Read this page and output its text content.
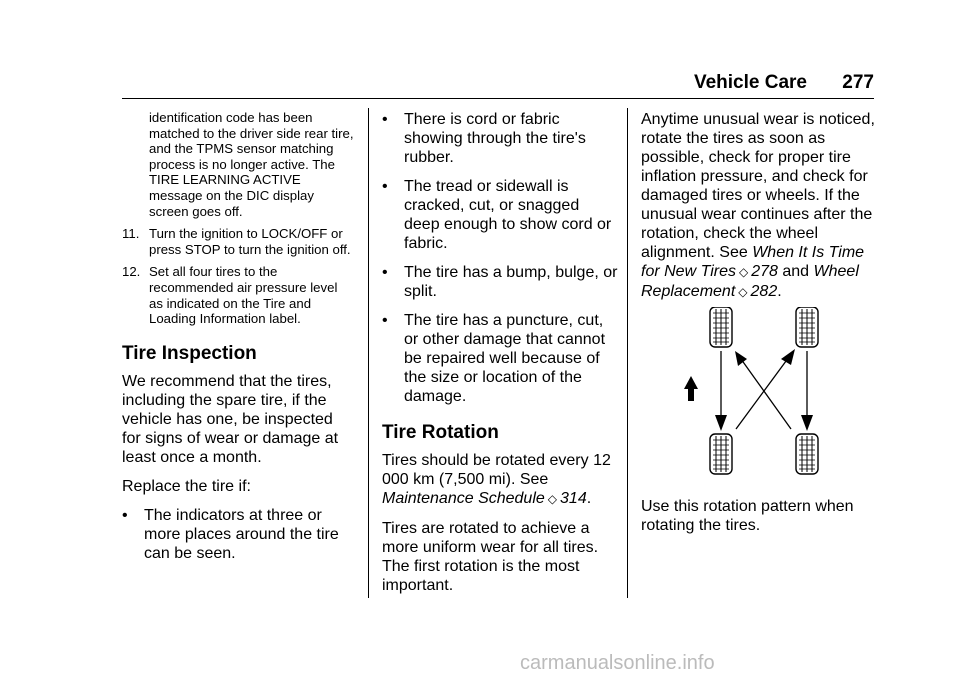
Vehicle Care 277
identification code has been matched to the driver side rear tire, and the TPMS sensor matching process is no longer active. The TIRE LEARNING ACTIVE message on the DIC display screen goes off.
11. Turn the ignition to LOCK/OFF or press STOP to turn the ignition off.
12. Set all four tires to the recommended air pressure level as indicated on the Tire and Loading Information label.
Tire Inspection

We recommend that the tires, including the spare tire, if the vehicle has one, be inspected for signs of wear or damage at least once a month.

Replace the tire if:

•	The indicators at three or more places around the tire can be seen.
•	There is cord or fabric showing through the tire's rubber.
•	The tread or sidewall is cracked, cut, or snagged deep enough to show cord or fabric.
•	The tire has a bump, bulge, or split.
•	The tire has a puncture, cut, or other damage that cannot be repaired well because of the size or location of the damage.
Tire Rotation

Tires should be rotated every 12 000 km (7,500 mi). See Maintenance Schedule ◇ 314.

Tires are rotated to achieve a more uniform wear for all tires. The first rotation is the most important.

Anytime unusual wear is noticed, rotate the tires as soon as possible, check for proper tire inflation pressure, and check for damaged tires or wheels. If the unusual wear continues after the rotation, check the wheel alignment. See When It Is Time for New Tires ◇ 278 and Wheel Replacement ◇ 282.

Use this rotation pattern when rotating the tires.
carmanualsonline.info
